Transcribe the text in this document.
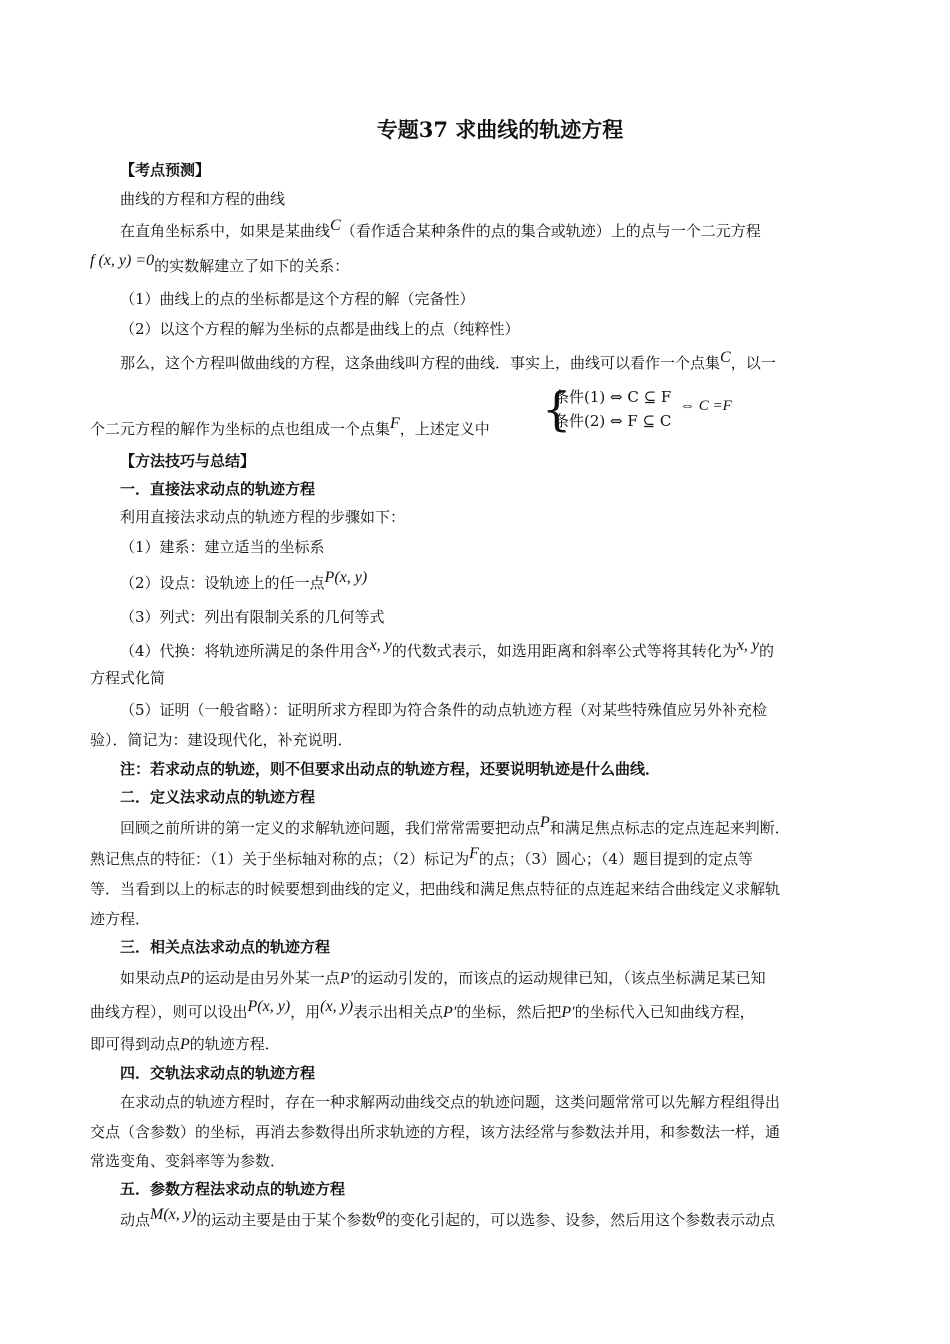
专题37 求曲线的轨迹方程
【考点预测】
曲线的方程和方程的曲线
在直角坐标系中，如果是某曲线C（看作适合某种条件的点的集合或轨迹）上的点与一个二元方程
f (x, y) =0的实数解建立了如下的关系：
（1）曲线上的点的坐标都是这个方程的解（完备性）
（2）以这个方程的解为坐标的点都是曲线上的点（纯粹性）
那么，这个方程叫做曲线的方程，这条曲线叫方程的曲线．事实上，曲线可以看作一个点集C，以一
个二元方程的解作为坐标的点也组成一个点集F，上述定义中	{
条件(1) ⇔ C ⊆ F
条件(2) ⇔ F ⊆ C
⇔ C =F
【方法技巧与总结】
一．直接法求动点的轨迹方程
利用直接法求动点的轨迹方程的步骤如下：
（1）建系：建立适当的坐标系
（2）设点：设轨迹上的任一点P(x, y)
（3）列式：列出有限制关系的几何等式
（4）代换：将轨迹所满足的条件用含x, y的代数式表示，如选用距离和斜率公式等将其转化为x, y的
方程式化简
（5）证明（一般省略）：证明所求方程即为符合条件的动点轨迹方程（对某些特殊值应另外补充检
验）．简记为：建设现代化，补充说明．
注：若求动点的轨迹，则不但要求出动点的轨迹方程，还要说明轨迹是什么曲线．
二．定义法求动点的轨迹方程
回顾之前所讲的第一定义的求解轨迹问题，我们常常需要把动点P和满足焦点标志的定点连起来判断．
熟记焦点的特征：（1）关于坐标轴对称的点；（2）标记为F的点；（3）圆心；（4）题目提到的定点等
等．当看到以上的标志的时候要想到曲线的定义，把曲线和满足焦点特征的点连起来结合曲线定义求解轨
迹方程．
三．相关点法求动点的轨迹方程
如果动点P的运动是由另外某一点P′的运动引发的，而该点的运动规律已知，（该点坐标满足某已知
曲线方程），则可以设出P(x, y)，用(x, y)表示出相关点P′的坐标，然后把P′的坐标代入已知曲线方程，
即可得到动点P的轨迹方程．
四．交轨法求动点的轨迹方程
在求动点的轨迹方程时，存在一种求解两动曲线交点的轨迹问题，这类问题常常可以先解方程组得出
交点（含参数）的坐标，再消去参数得出所求轨迹的方程，该方法经常与参数法并用，和参数法一样，通
常选变角、变斜率等为参数．
五．参数方程法求动点的轨迹方程
动点M(x, y)的运动主要是由于某个参数φ的变化引起的，可以选参、设参，然后用这个参数表示动点
